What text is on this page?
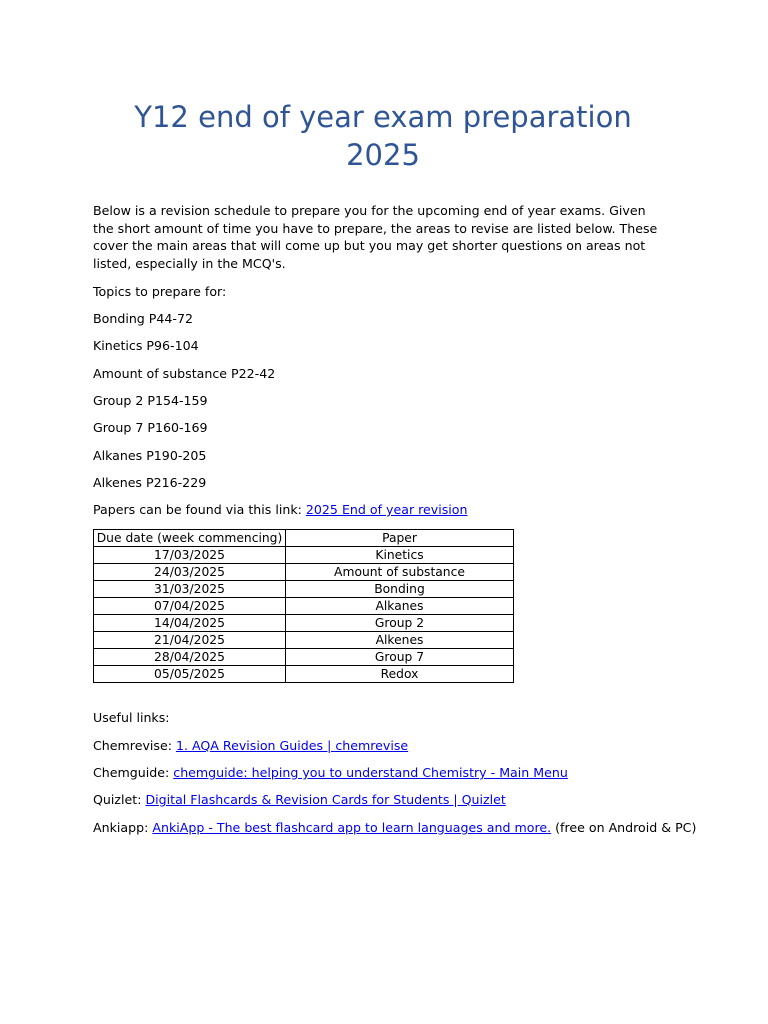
Y12 end of year exam preparation 2025

Below is a revision schedule to prepare you for the upcoming end of year exams. Given the short amount of time you have to prepare, the areas to revise are listed below. These cover the main areas that will come up but you may get shorter questions on areas not listed, especially in the MCQ's.

Topics to prepare for:

Bonding P44-72

Kinetics P96-104

Amount of substance P22-42

Group 2 P154-159

Group 7 P160-169

Alkanes P190-205

Alkenes P216-229

Papers can be found via this link: 2025 End of year revision

Due date (week commencing)	Paper
17/03/2025	Kinetics
24/03/2025	Amount of substance
31/03/2025	Bonding
07/04/2025	Alkanes
14/04/2025	Group 2
21/04/2025	Alkenes
28/04/2025	Group 7
05/05/2025	Redox

Useful links:

Chemrevise: 1. AQA Revision Guides | chemrevise

Chemguide: chemguide: helping you to understand Chemistry - Main Menu

Quizlet: Digital Flashcards & Revision Cards for Students | Quizlet

Ankiapp: AnkiApp - The best flashcard app to learn languages and more. (free on Android & PC)
